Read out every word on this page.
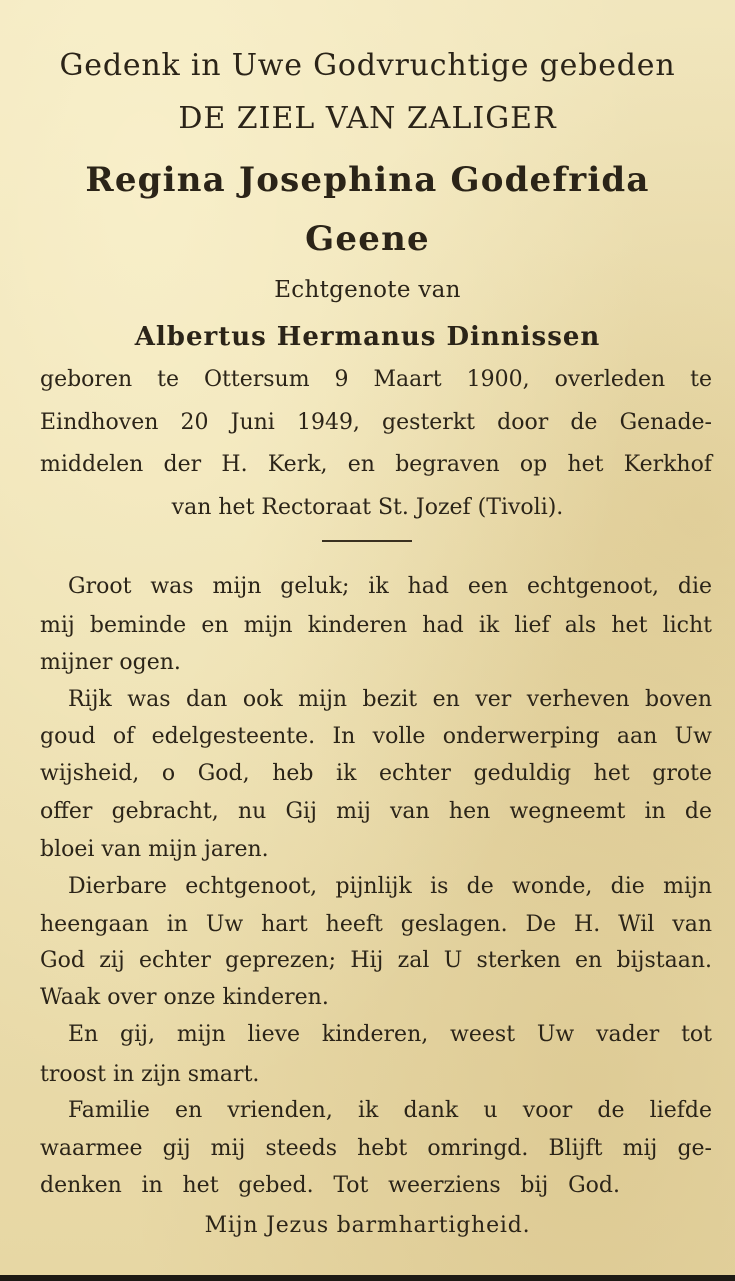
Gedenk in Uwe Godvruchtige gebeden
DE ZIEL VAN ZALIGER
Regina Josephina Godefrida
Geene
Echtgenote van
Albertus Hermanus Dinnissen
geboren te Ottersum 9 Maart 1900, overleden te
Eindhoven 20 Juni 1949, gesterkt door de Genade-
middelen der H. Kerk, en begraven op het Kerkhof
van het Rectoraat St. Jozef (Tivoli).
Groot was mijn geluk; ik had een echtgenoot, die
mij beminde en mijn kinderen had ik lief als het licht
mijner ogen.
Rijk was dan ook mijn bezit en ver verheven boven
goud of edelgesteente. In volle onderwerping aan Uw
wijsheid, o God, heb ik echter geduldig het grote
offer gebracht, nu Gij mij van hen wegneemt in de
bloei van mijn jaren.
Dierbare echtgenoot, pijnlijk is de wonde, die mijn
heengaan in Uw hart heeft geslagen. De H. Wil van
God zij echter geprezen; Hij zal U sterken en bijstaan.
Waak over onze kinderen.
En gij, mijn lieve kinderen, weest Uw vader tot
troost in zijn smart.
Familie en vrienden, ik dank u voor de liefde
waarmee gij mij steeds hebt omringd. Blijft mij ge-
denken in het gebed. Tot weerziens bij God.
Mijn Jezus barmhartigheid.
